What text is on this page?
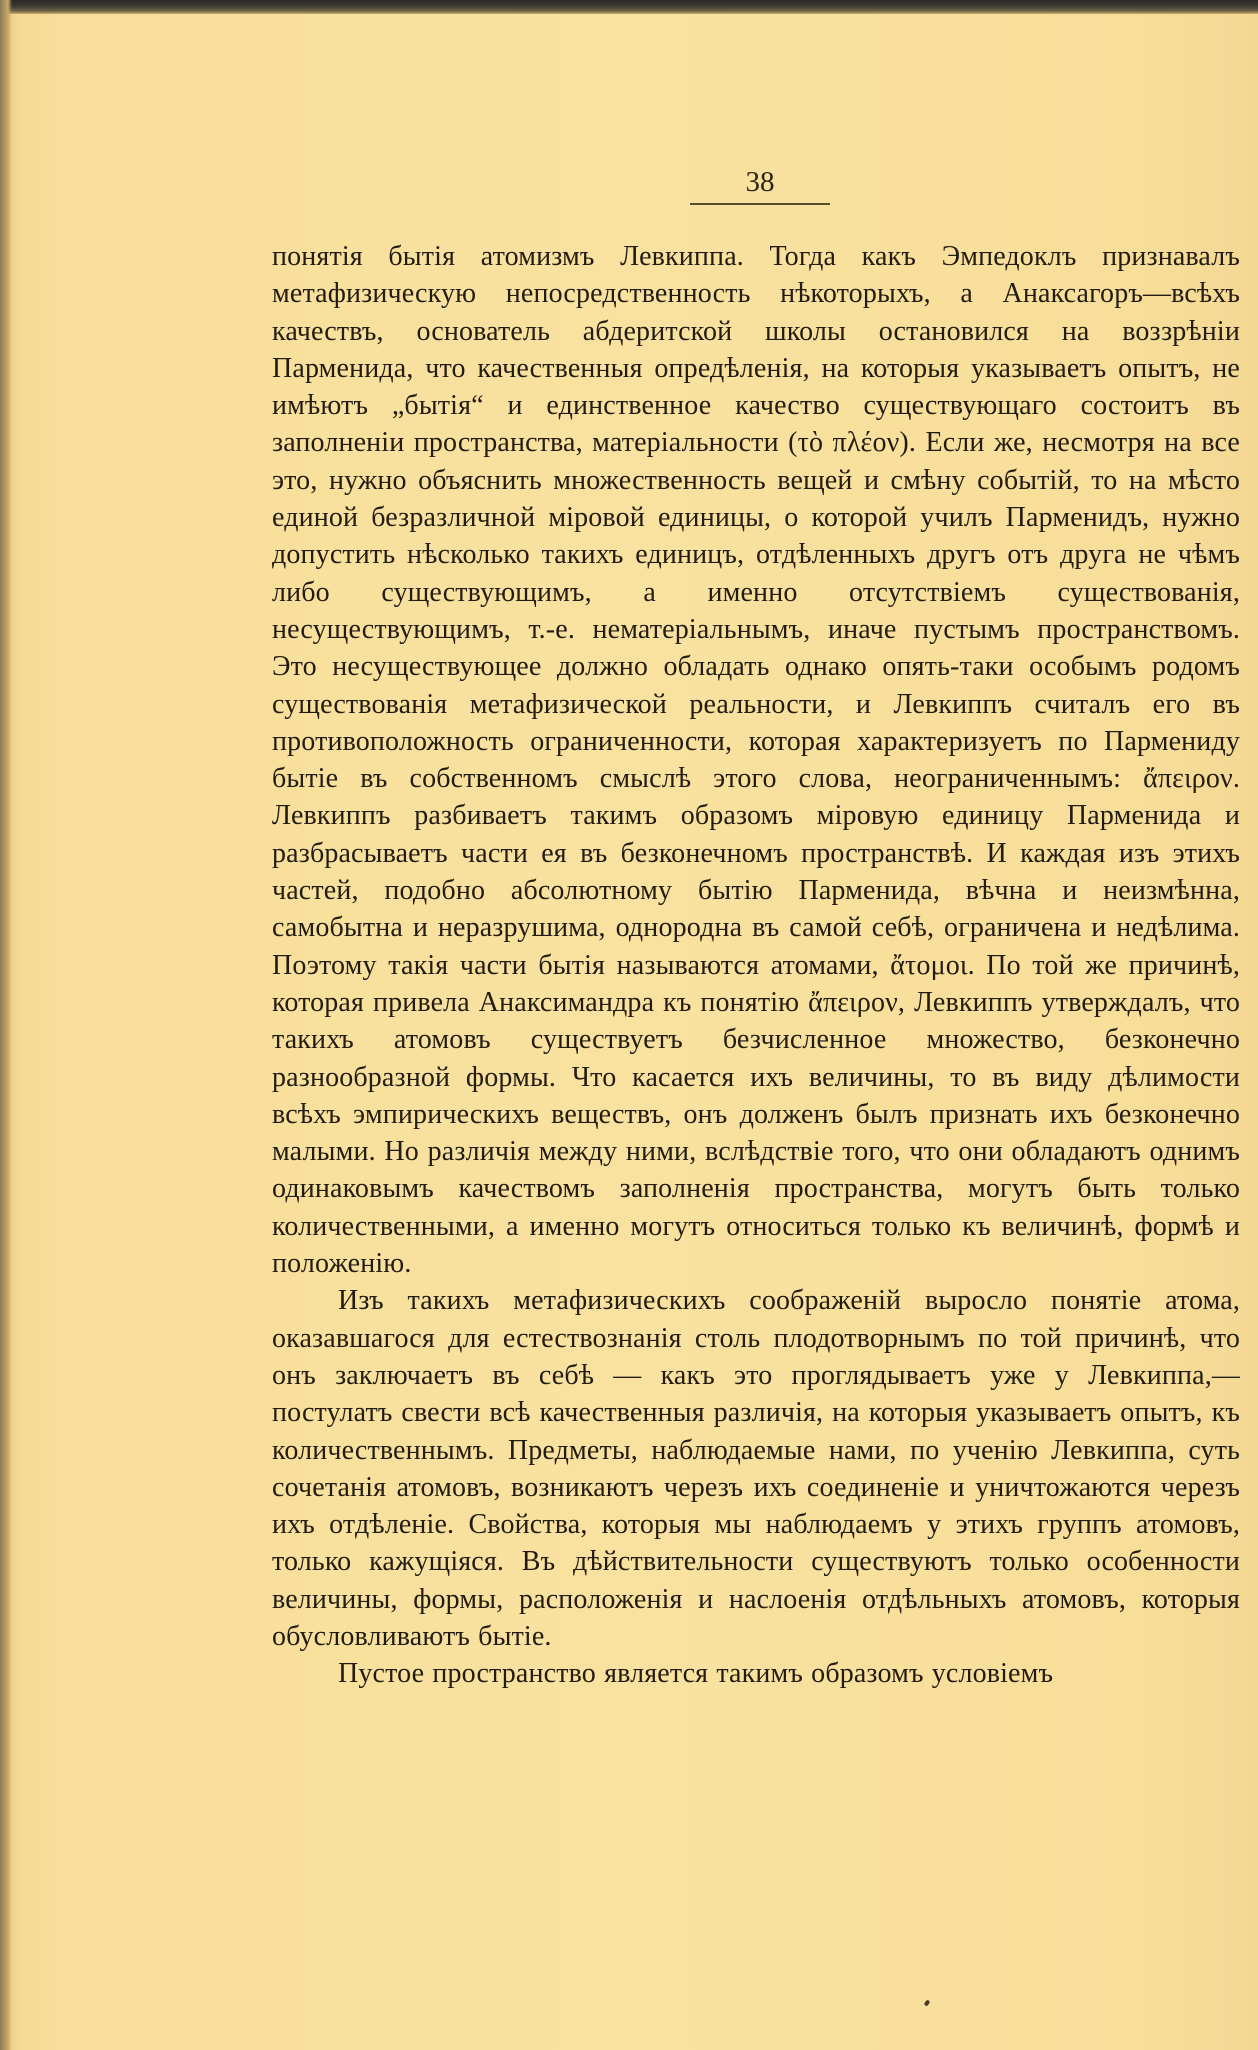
38

понятія бытія атомизмъ Левкиппа. Тогда какъ Эмпедоклъ признавалъ метафизическую непосредственность нѣкоторыхъ, а Анаксагоръ—всѣхъ качествъ, основатель абдеритской школы остановился на воззрѣніи Парменида, что качественныя опредѣленія, на которыя указываетъ опытъ, не имѣютъ „бытія“ и единственное качество существующаго состоитъ въ заполненіи пространства, матеріальности (τὸ πλέον). Если же, несмотря на все это, нужно объяснить множественность вещей и смѣну событій, то на мѣсто единой безразличной міровой единицы, о которой училъ Парменидъ, нужно допустить нѣсколько такихъ единицъ, отдѣленныхъ другъ отъ друга не чѣмъ либо существующимъ, а именно отсутствіемъ существованія, несуществующимъ, т.-е. нематеріальнымъ, иначе пустымъ пространствомъ. Это несуществующее должно обладать однако опять-таки особымъ родомъ существованія метафизической реальности, и Левкиппъ считалъ его въ противоположность ограниченности, которая характеризуетъ по Пармениду бытіе въ собственномъ смыслѣ этого слова, неограниченнымъ: ἄπειρον. Левкиппъ разбиваетъ такимъ образомъ міровую единицу Парменида и разбрасываетъ части ея въ безконечномъ пространствѣ. И каждая изъ этихъ частей, подобно абсолютному бытію Парменида, вѣчна и неизмѣнна, самобытна и неразрушима, однородна въ самой себѣ, ограничена и недѣлима. Поэтому такія части бытія называются атомами, ἄτομοι. По той же причинѣ, которая привела Анаксимандра къ понятію ἄπειρον, Левкиппъ утверждалъ, что такихъ атомовъ существуетъ безчисленное множество, безконечно разнообразной формы. Что касается ихъ величины, то въ виду дѣлимости всѣхъ эмпирическихъ веществъ, онъ долженъ былъ признать ихъ безконечно малыми. Но различія между ними, вслѣдствіе того, что они обладаютъ однимъ одинаковымъ качествомъ заполненія пространства, могутъ быть только количественными, а именно могутъ относиться только къ величинѣ, формѣ и положенію.

Изъ такихъ метафизическихъ соображеній выросло понятіе атома, оказавшагося для естествознанія столь плодотворнымъ по той причинѣ, что онъ заключаетъ въ себѣ — какъ это проглядываетъ уже у Левкиппа,—постулатъ свести всѣ качественныя различія, на которыя указываетъ опытъ, къ количественнымъ. Предметы, наблюдаемые нами, по ученію Левкиппа, суть сочетанія атомовъ, возникаютъ черезъ ихъ соединеніе и уничтожаются черезъ ихъ отдѣленіе. Свойства, которыя мы наблюдаемъ у этихъ группъ атомовъ, только кажущіяся. Въ дѣйствительности существуютъ только особенности величины, формы, расположенія и наслоенія отдѣльныхъ атомовъ, которыя обусловливаютъ бытіе.

Пустое пространство является такимъ образомъ условіемъ
